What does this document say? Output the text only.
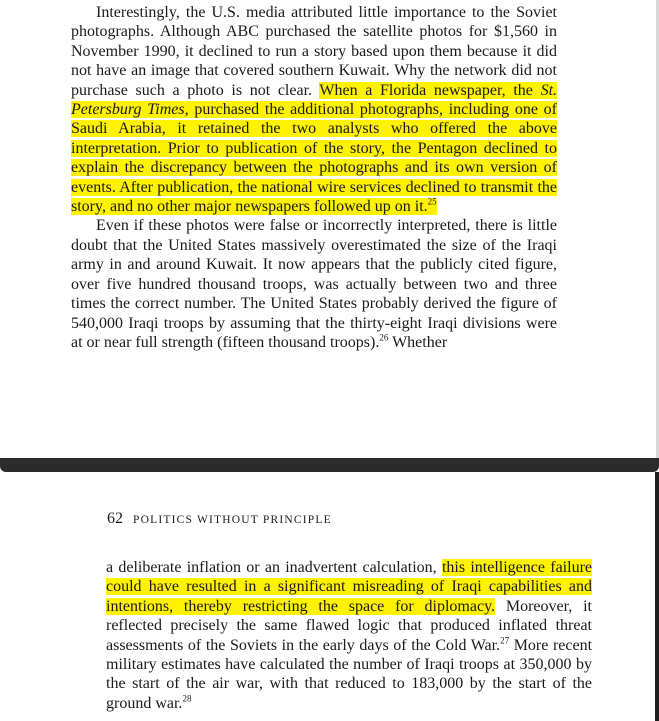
Interestingly, the U.S. media attributed little importance to the Soviet photographs. Although ABC purchased the satellite photos for $1,560 in November 1990, it declined to run a story based upon them because it did not have an image that covered southern Kuwait. Why the network did not purchase such a photo is not clear. When a Florida newspaper, the St. Petersburg Times, purchased the additional photographs, including one of Saudi Arabia, it retained the two analysts who offered the above interpretation. Prior to publication of the story, the Pentagon declined to explain the discrepancy between the photographs and its own version of events. After publication, the national wire services declined to transmit the story, and no other major newspapers followed up on it.$^{25}$

Even if these photos were false or incorrectly interpreted, there is little doubt that the United States massively overestimated the size of the Iraqi army in and around Kuwait. It now appears that the publicly cited figure, over five hundred thousand troops, was actually between two and three times the correct number. The United States probably derived the figure of 540,000 Iraqi troops by assuming that the thirty-eight Iraqi divisions were at or near full strength (fifteen thousand troops).$^{26}$ Whether

62 POLITICS WITHOUT PRINCIPLE

a deliberate inflation or an inadvertent calculation, this intelligence failure could have resulted in a significant misreading of Iraqi capabilities and intentions, thereby restricting the space for diplomacy. Moreover, it reflected precisely the same flawed logic that produced inflated threat assessments of the Soviets in the early days of the Cold War.$^{27}$ More recent military estimates have calculated the number of Iraqi troops at 350,000 by the start of the air war, with that reduced to 183,000 by the start of the ground war.$^{28}$
